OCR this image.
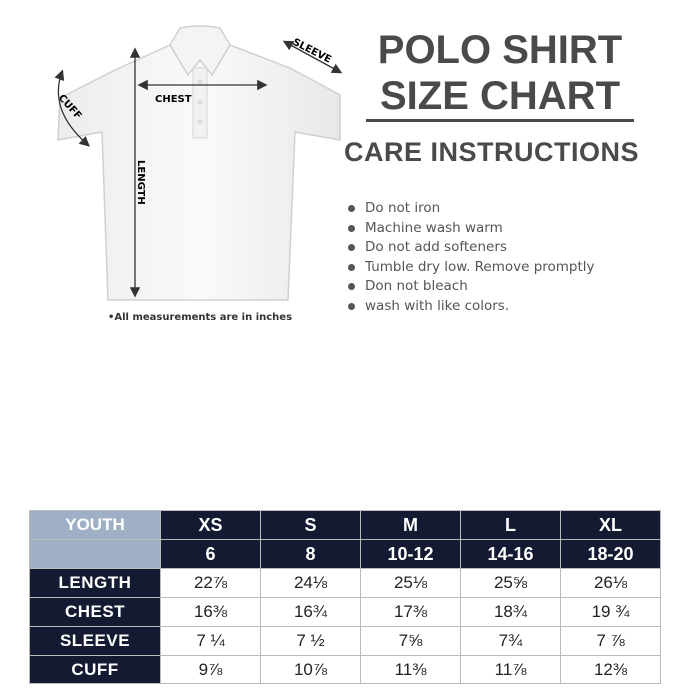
CHEST
LENGTH
SLEEVE
CUFF
•All measurements are in inches
POLO SHIRT
SIZE CHART
CARE INSTRUCTIONS
Do not iron
Machine wash warm
Do not add softeners
Tumble dry low. Remove promptly
Don not bleach
wash with like colors.
YOUTH	XS	S	M	L	XL
	6	8	10-12	14-16	18-20
LENGTH	22⅞	24⅛	25⅛	25⅝	26⅛
CHEST	16⅜	16¾	17⅜	18¾	19 ¾
SLEEVE	7 ¼	7 ½	7⅝	7¾	7 ⅞
CUFF	9⅞	10⅞	11⅜	11⅞	12⅜
